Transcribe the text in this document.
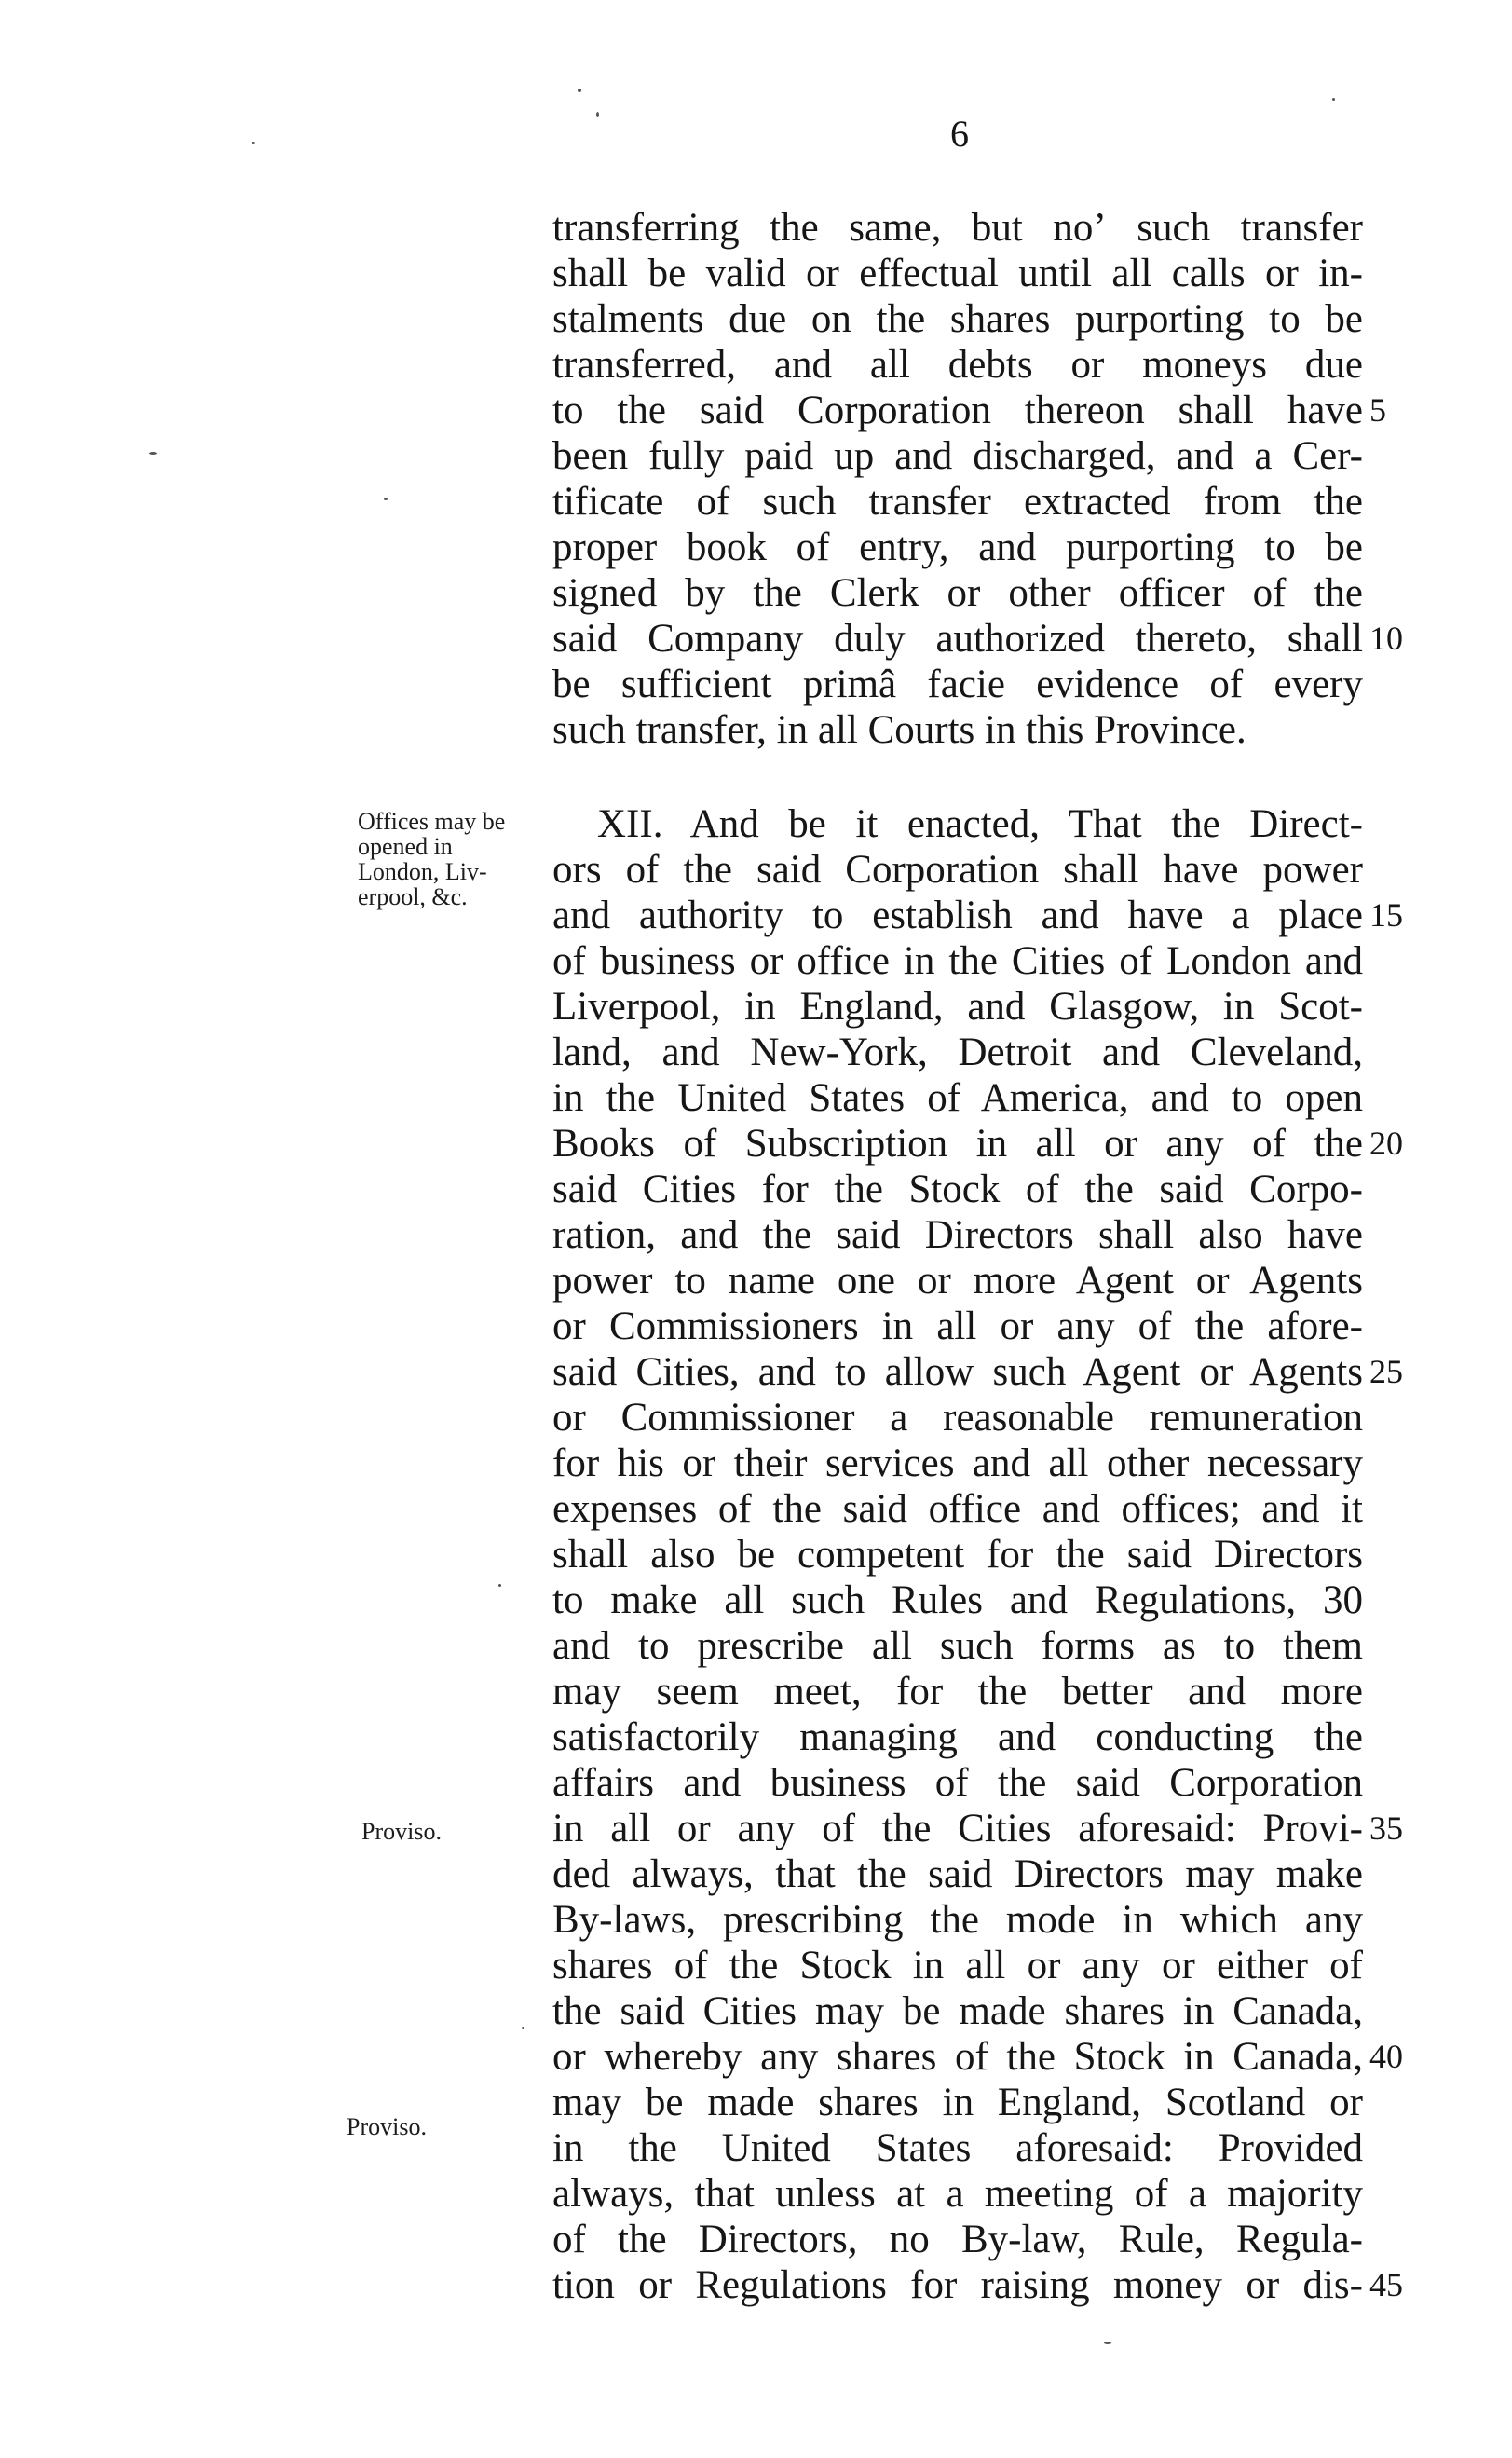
6
transferring the same, but noʼ such transfer
shall be valid or effectual until all calls or in-
stalments due on the shares purporting to be
transferred, and all debts or moneys due
to the said Corporation thereon shall have
been fully paid up and discharged, and a Cer-
tificate of such transfer extracted from the
proper book of entry, and purporting to be
signed by the Clerk or other officer of the
said Company duly authorized thereto, shall
be sufficient primâ facie evidence of every
such transfer, in all Courts in this Province.
XII. And be it enacted, That the Direct-
ors of the said Corporation shall have power
and authority to establish and have a place
of business or office in the Cities of London and
Liverpool, in England, and Glasgow, in Scot-
land, and New-York, Detroit and Cleveland,
in the United States of America, and to open
Books of Subscription in all or any of the
said Cities for the Stock of the said Corpo-
ration, and the said Directors shall also have
power to name one or more Agent or Agents
or Commissioners in all or any of the afore-
said Cities, and to allow such Agent or Agents
or Commissioner a reasonable remuneration
for his or their services and all other necessary
expenses of the said office and offices; and it
shall also be competent for the said Directors
to make all such Rules and Regulations, 30
and to prescribe all such forms as to them
may seem meet, for the better and more
satisfactorily managing and conducting the
affairs and business of the said Corporation
in all or any of the Cities aforesaid: Provi-
ded always, that the said Directors may make
By-laws, prescribing the mode in which any
shares of the Stock in all or any or either of
the said Cities may be made shares in Canada,
or whereby any shares of the Stock in Canada,
may be made shares in England, Scotland or
in the United States aforesaid: Provided
always, that unless at a meeting of a majority
of the Directors, no By-law, Rule, Regula-
tion or Regulations for raising money or dis-
5
10
15
20
25
35
40
45
Offices may be
opened in
London, Liv-
erpool, &c.
Proviso.
Proviso.
